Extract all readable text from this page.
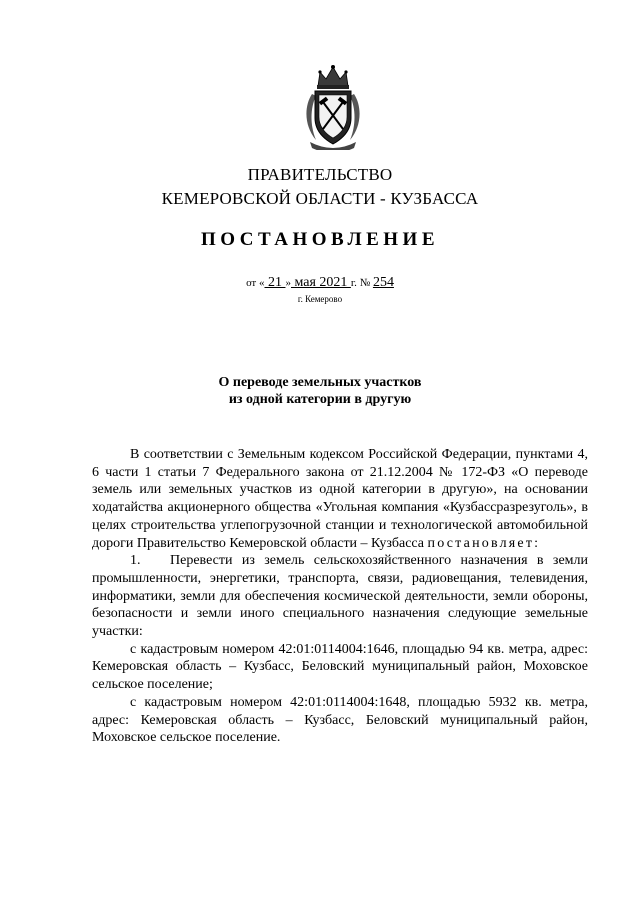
ПРАВИТЕЛЬСТВО
КЕМЕРОВСКОЙ ОБЛАСТИ - КУЗБАССА
ПОСТАНОВЛЕНИЕ
от « 21 » мая 2021 г. № 254
г. Кемерово
О переводе земельных участков
из одной категории в другую

В соответствии с Земельным кодексом Российской Федерации, пунктами 4, 6 части 1 статьи 7 Федерального закона от 21.12.2004 № 172-ФЗ «О переводе земель или земельных участков из одной категории в другую», на основании ходатайства акционерного общества «Угольная компания «Кузбассразрезуголь», в целях строительства углепогрузочной станции и технологической автомобильной дороги Правительство Кемеровской области – Кузбасса постановляет:

1. Перевести из земель сельскохозяйственного назначения в земли промышленности, энергетики, транспорта, связи, радиовещания, телевидения, информатики, земли для обеспечения космической деятельности, земли обороны, безопасности и земли иного специального назначения следующие земельные участки:

с кадастровым номером 42:01:0114004:1646, площадью 94 кв. метра, адрес: Кемеровская область – Кузбасс, Беловский муниципальный район, Моховское сельское поселение;

с кадастровым номером 42:01:0114004:1648, площадью 5932 кв. метра, адрес: Кемеровская область – Кузбасс, Беловский муниципальный район, Моховское сельское поселение.
